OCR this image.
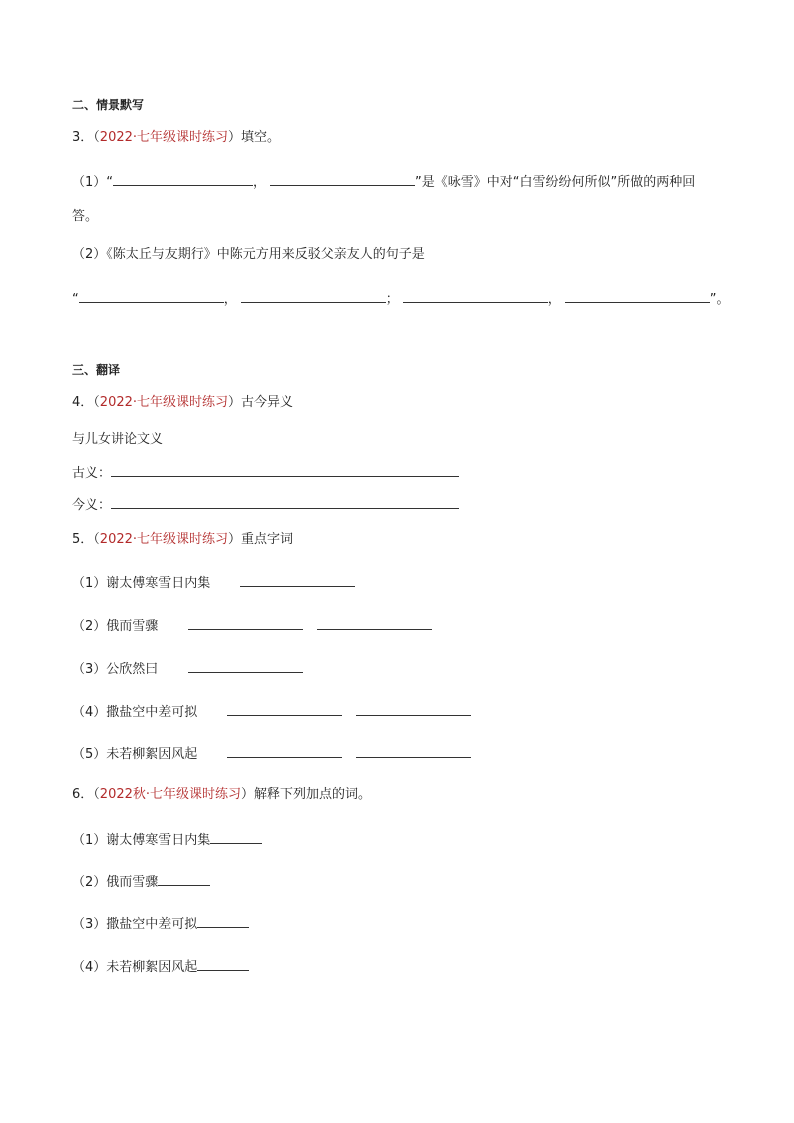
二、情景默写
3．（2022·七年级课时练习）填空。
（1）“	，	”是《咏雪》中对“白雪纷纷何所似”所做的两种回
答。
（2）《陈太丘与友期行》中陈元方用来反驳父亲友人的句子是
“	，	；	，	”。
三、翻译
4．（2022·七年级课时练习）古今异义
与儿女讲论文义
古义：
今义：
5．（2022·七年级课时练习）重点字词
（1）谢太傅寒雪日内集
（2）俄而雪骤
（3）公欣然曰
（4）撒盐空中差可拟
（5）未若柳絮因风起
6．（2022秋·七年级课时练习）解释下列加点的词。
（1）谢太傅寒雪日内集
（2）俄而雪骤
（3）撒盐空中差可拟
（4）未若柳絮因风起
